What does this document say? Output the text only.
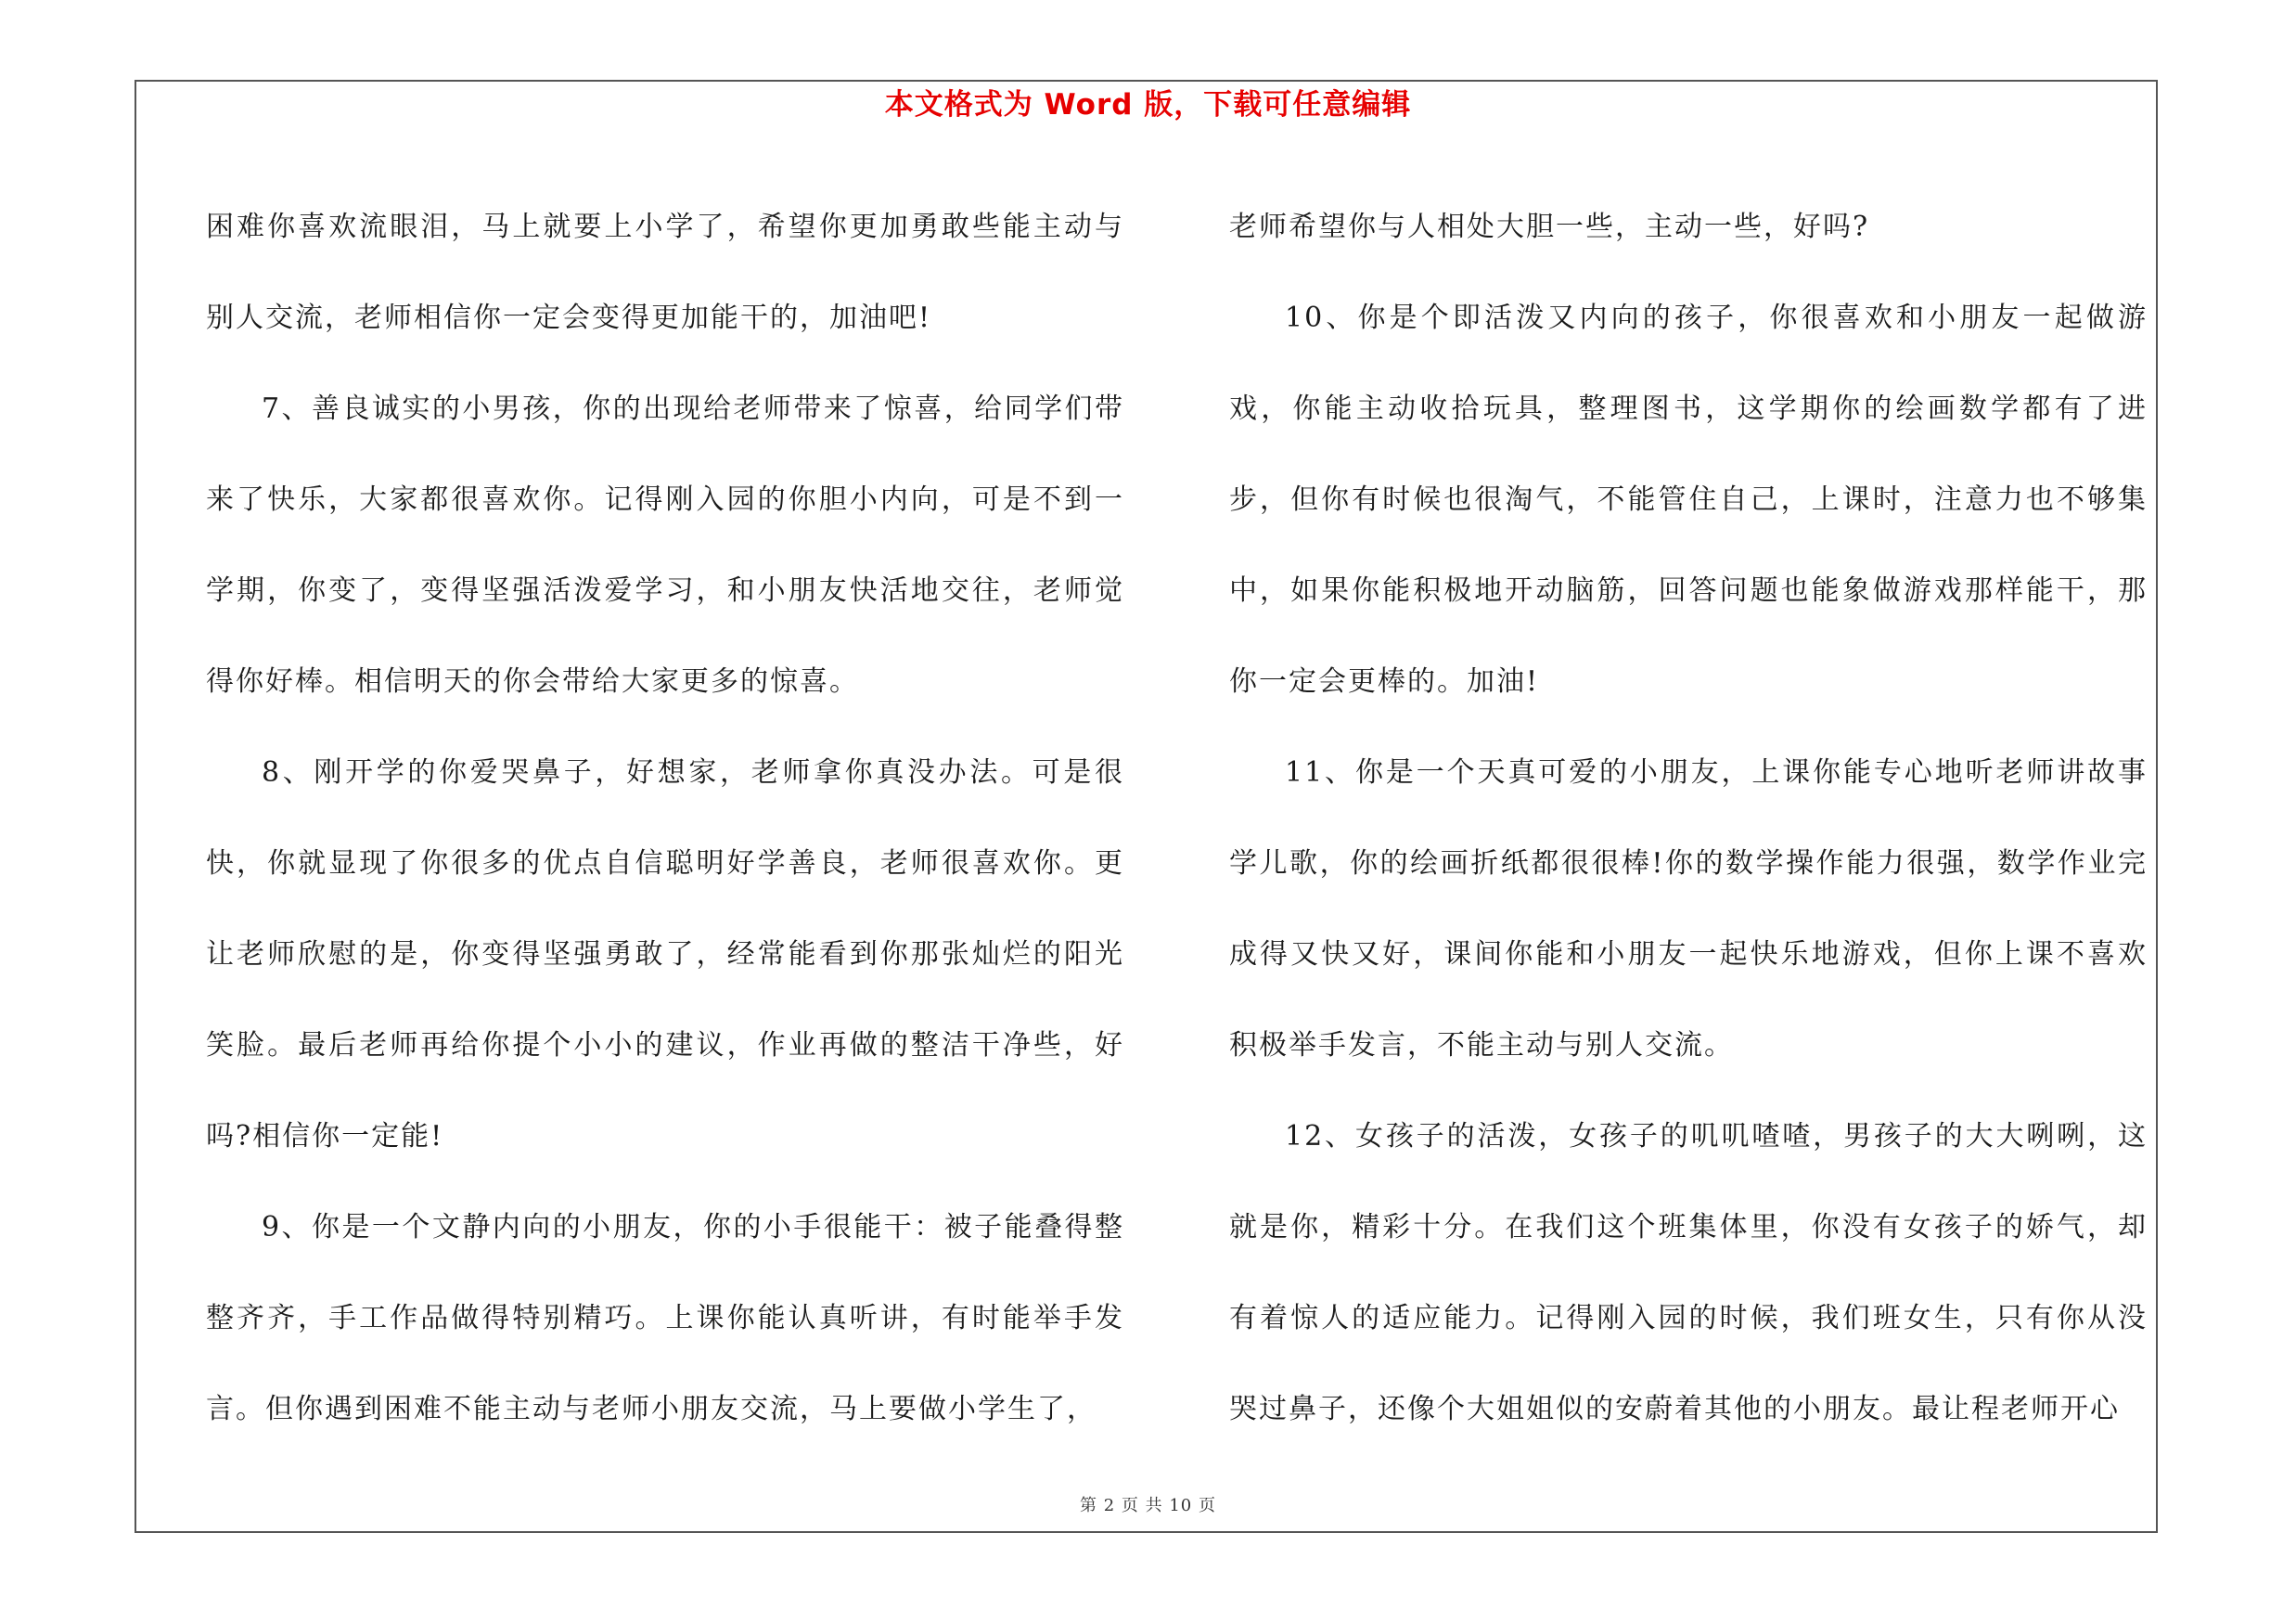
本文格式为 Word 版，下载可任意编辑

困难你喜欢流眼泪，马上就要上小学了，希望你更加勇敢些能主动与别人交流，老师相信你一定会变得更加能干的，加油吧!

7、善良诚实的小男孩，你的出现给老师带来了惊喜，给同学们带来了快乐，大家都很喜欢你。记得刚入园的你胆小内向，可是不到一学期，你变了，变得坚强活泼爱学习，和小朋友快活地交往，老师觉得你好棒。相信明天的你会带给大家更多的惊喜。

8、刚开学的你爱哭鼻子，好想家，老师拿你真没办法。可是很快，你就显现了你很多的优点自信聪明好学善良，老师很喜欢你。更让老师欣慰的是，你变得坚强勇敢了，经常能看到你那张灿烂的阳光笑脸。最后老师再给你提个小小的建议，作业再做的整洁干净些，好吗?相信你一定能!

9、你是一个文静内向的小朋友，你的小手很能干：被子能叠得整整齐齐，手工作品做得特别精巧。上课你能认真听讲，有时能举手发言。但你遇到困难不能主动与老师小朋友交流，马上要做小学生了，

老师希望你与人相处大胆一些，主动一些，好吗?

10、你是个即活泼又内向的孩子，你很喜欢和小朋友一起做游戏，你能主动收拾玩具，整理图书，这学期你的绘画数学都有了进步，但你有时候也很淘气，不能管住自己，上课时，注意力也不够集中，如果你能积极地开动脑筋，回答问题也能象做游戏那样能干，那你一定会更棒的。加油!

11、你是一个天真可爱的小朋友，上课你能专心地听老师讲故事学儿歌，你的绘画折纸都很很棒!你的数学操作能力很强，数学作业完成得又快又好，课间你能和小朋友一起快乐地游戏，但你上课不喜欢积极举手发言，不能主动与别人交流。

12、女孩子的活泼，女孩子的叽叽喳喳，男孩子的大大咧咧，这就是你，精彩十分。在我们这个班集体里，你没有女孩子的娇气，却有着惊人的适应能力。记得刚入园的时候，我们班女生，只有你从没哭过鼻子，还像个大姐姐似的安蔚着其他的小朋友。最让程老师开心

第 2 页 共 10 页
